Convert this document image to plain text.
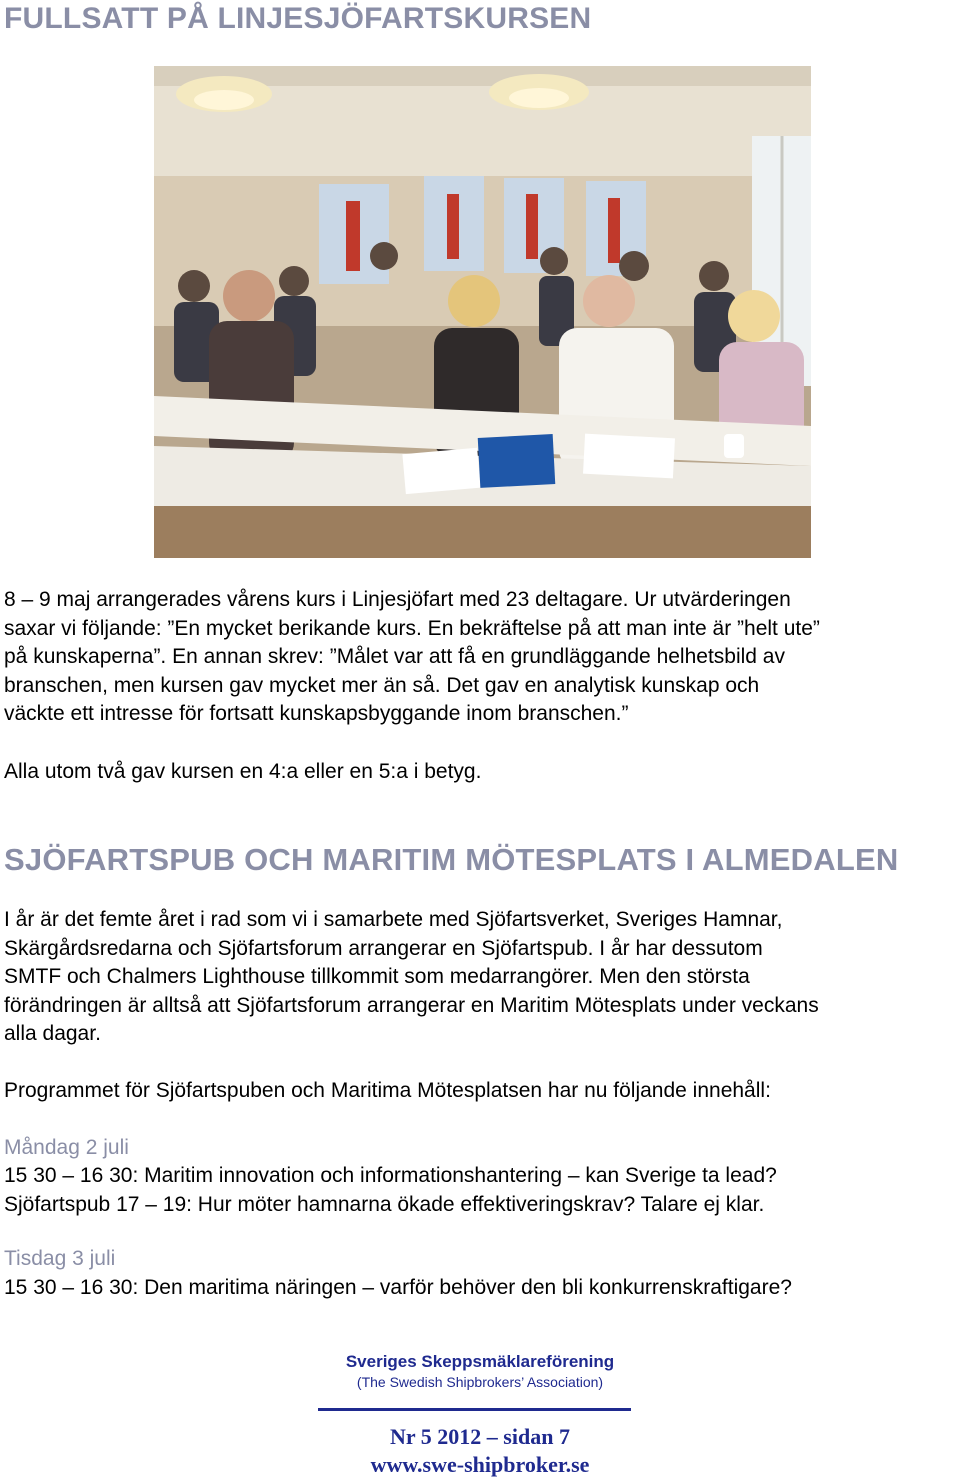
FULLSATT PÅ LINJESJÖFARTSKURSEN
8 – 9 maj arrangerades vårens kurs i Linjesjöfart med 23 deltagare. Ur utvärderingen
saxar vi följande: ”En mycket berikande kurs. En bekräftelse på att man inte är ”helt ute”
på kunskaperna”. En annan skrev: ”Målet var att få en grundläggande helhetsbild av
branschen, men kursen gav mycket mer än så. Det gav en analytisk kunskap och
väckte ett intresse för fortsatt kunskapsbyggande inom branschen.”

Alla utom två gav kursen en 4:a eller en 5:a i betyg.

SJÖFARTSPUB OCH MARITIM MÖTESPLATS I ALMEDALEN
I år är det femte året i rad som vi i samarbete med Sjöfartsverket, Sveriges Hamnar,
Skärgårdsredarna och Sjöfartsforum arrangerar en Sjöfartspub. I år har dessutom
SMTF och Chalmers Lighthouse tillkommit som medarrangörer. Men den största
förändringen är alltså att Sjöfartsforum arrangerar en Maritim Mötesplats under veckans
alla dagar.

Programmet för Sjöfartspuben och Maritima Mötesplatsen har nu följande innehåll:

Måndag 2 juli

15 30 – 16 30: Maritim innovation och informationshantering – kan Sverige ta lead?
Sjöfartspub 17 – 19: Hur möter hamnarna ökade effektiveringskrav? Talare ej klar.

Tisdag 3 juli

15 30 – 16 30: Den maritima näringen – varför behöver den bli konkurrenskraftigare?
Sveriges Skeppsmäklareförening
(The Swedish Shipbrokers’ Association)
Nr 5 2012 – sidan 7
www.swe-shipbroker.se
